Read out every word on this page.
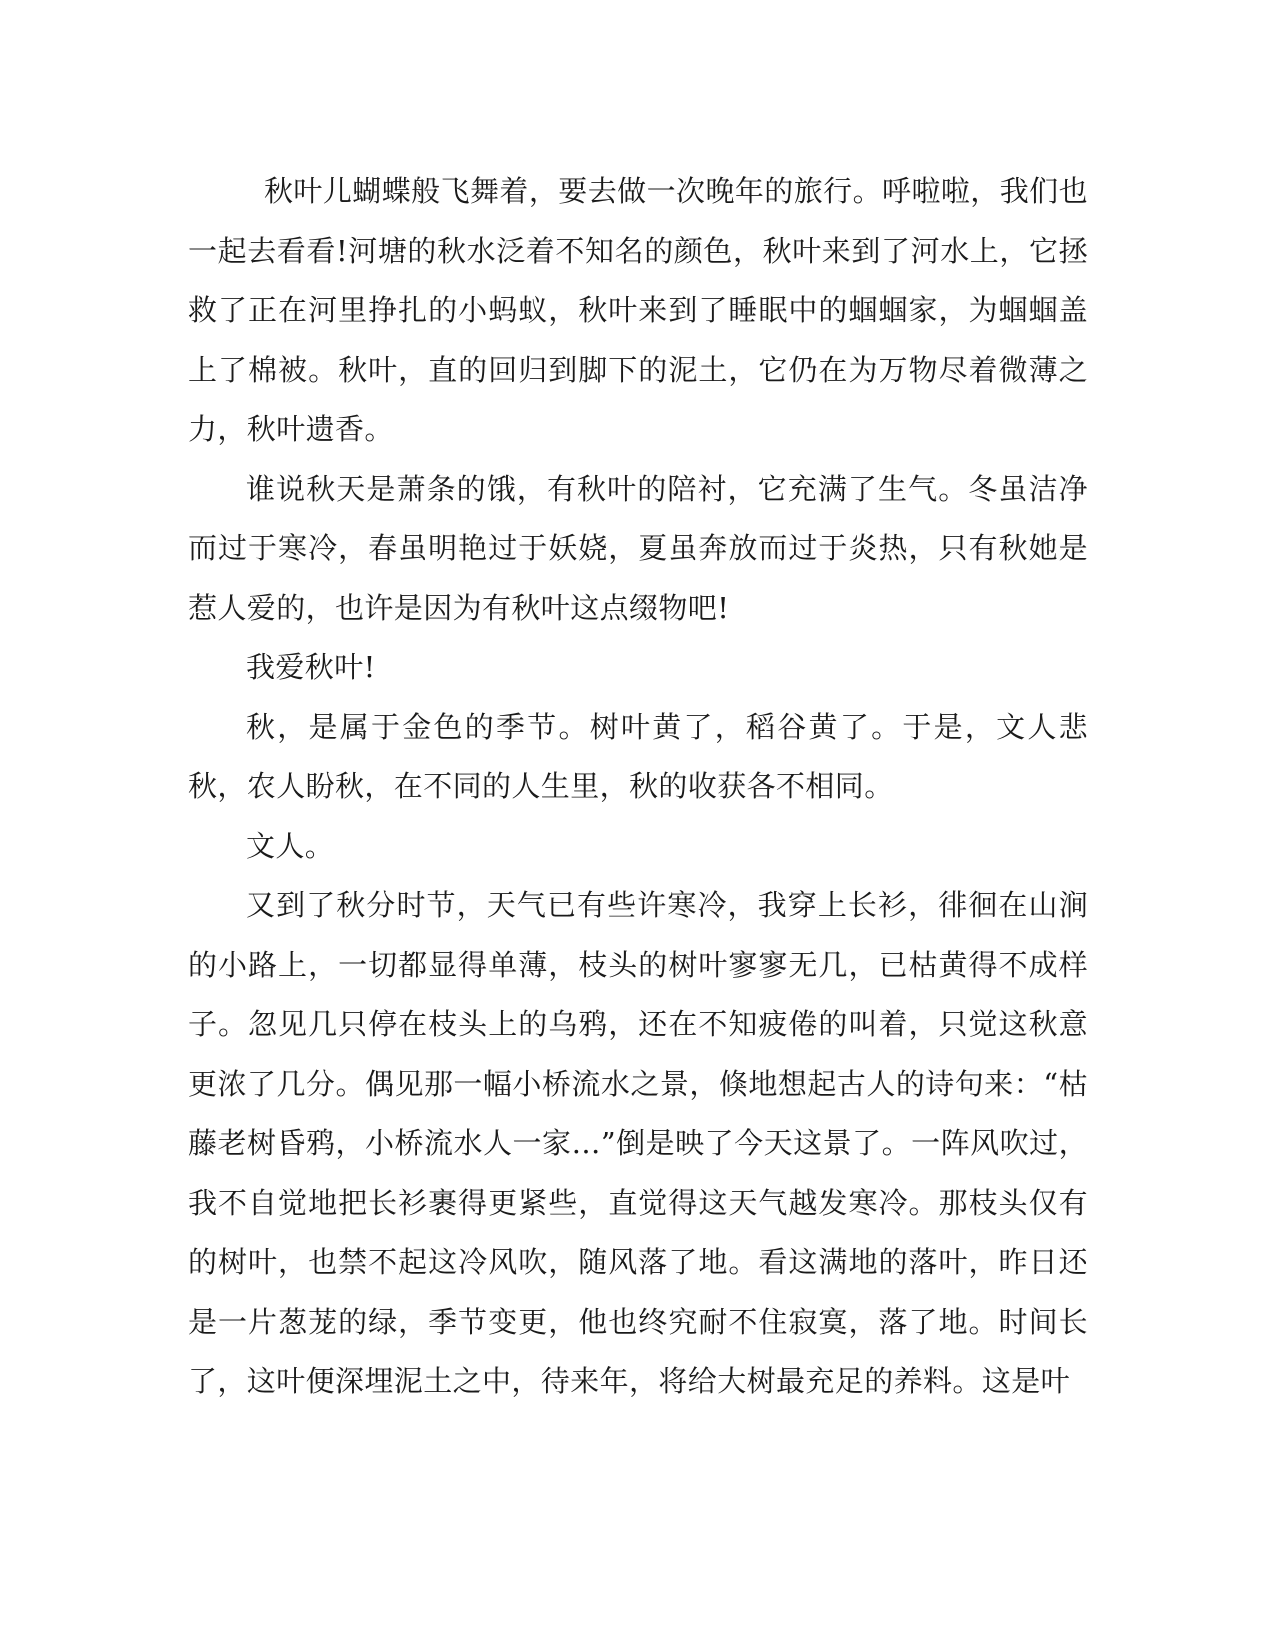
秋叶儿蝴蝶般飞舞着，要去做一次晚年的旅行。呼啦啦，我们也一起去看看!河塘的秋水泛着不知名的颜色，秋叶来到了河水上，它拯救了正在河里挣扎的小蚂蚁，秋叶来到了睡眠中的蝈蝈家，为蝈蝈盖上了棉被。秋叶，直的回归到脚下的泥土，它仍在为万物尽着微薄之力，秋叶遗香。

谁说秋天是萧条的饿，有秋叶的陪衬，它充满了生气。冬虽洁净而过于寒冷，春虽明艳过于妖娆，夏虽奔放而过于炎热，只有秋她是惹人爱的，也许是因为有秋叶这点缀物吧!

我爱秋叶!

秋，是属于金色的季节。树叶黄了，稻谷黄了。于是，文人悲秋，农人盼秋，在不同的人生里，秋的收获各不相同。

文人。

又到了秋分时节，天气已有些许寒冷，我穿上长衫，徘徊在山涧的小路上，一切都显得单薄，枝头的树叶寥寥无几，已枯黄得不成样子。忽见几只停在枝头上的乌鸦，还在不知疲倦的叫着，只觉这秋意更浓了几分。偶见那一幅小桥流水之景，倏地想起古人的诗句来：“枯藤老树昏鸦，小桥流水人一家…”倒是映了今天这景了。一阵风吹过，我不自觉地把长衫裹得更紧些，直觉得这天气越发寒冷。那枝头仅有的树叶，也禁不起这冷风吹，随风落了地。看这满地的落叶，昨日还是一片葱茏的绿，季节变更，他也终究耐不住寂寞，落了地。时间长了，这叶便深埋泥土之中，待来年，将给大树最充足的养料。这是叶
